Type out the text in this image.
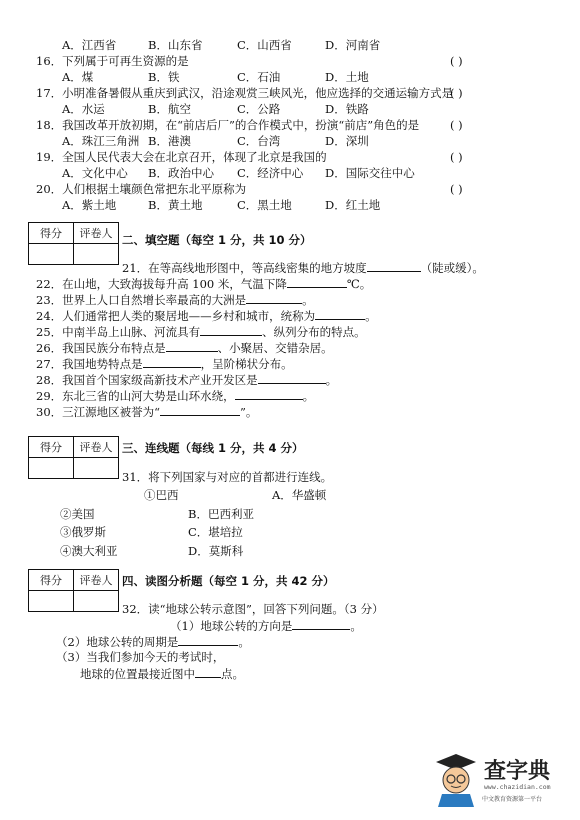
A．江西省	B．山东省	C．山西省	D．河南省
16．下列属于可再生资源的是	( )
A．煤	B．铁	C．石油	D．土地
17．小明准备暑假从重庆到武汉，沿途观赏三峡风光，他应选择的交通运输方式是
( )
A．水运	B．航空	C．公路	D．铁路
18．我国改革开放初期，在“前店后厂”的合作模式中，扮演“前店”角色的是	( )
A．珠江三角洲 B．港澳	C．台湾	D．深圳
19．全国人民代表大会在北京召开，体现了北京是我国的	( )
A．文化中心 B．政治中心 C．经济中心 D．国际交往中心
20．人们根据土壤颜色常把东北平原称为	( )
A．紫土地	B．黄土地	C．黑土地	D．红土地
得分	评卷人
	二、填空题（每空 1 分，共 10 分）
21．在等高线地形图中，等高线密集的地方坡度	（陡或缓）。
22．在山地，大致海拔每升高 100 米，气温下降	℃。
23．世界上人口自然增长率最高的大洲是	。
24．人们通常把人类的聚居地——乡村和城市，统称为	。
25．中南半岛上山脉、河流具有	、纵列分布的特点。
26．我国民族分布特点是	、小聚居、交错杂居。
27．我国地势特点是	，呈阶梯状分布。
28．我国首个国家级高新技术产业开发区是	。
29．东北三省的山河大势是山环水绕，	。
30．三江源地区被誉为“	”。
得分	评卷人
	三、连线题（每线 1 分，共 4 分）
31．将下列国家与对应的首都进行连线。
①巴西	A．华盛顿
②美国	B．巴西利亚
③俄罗斯	C．堪培拉
④澳大利亚	D．莫斯科
得分	评卷人
	四、读图分析题（每空 1 分，共 42 分）
32．读“地球公转示意图”，回答下列问题。（3 分）
（1）地球公转的方向是	。
（2）地球公转的周期是	。
（3）当我们参加今天的考试时，
地球的位置最接近图中 点。
查字典
www.chazidian.com
中文教育资源第一平台
